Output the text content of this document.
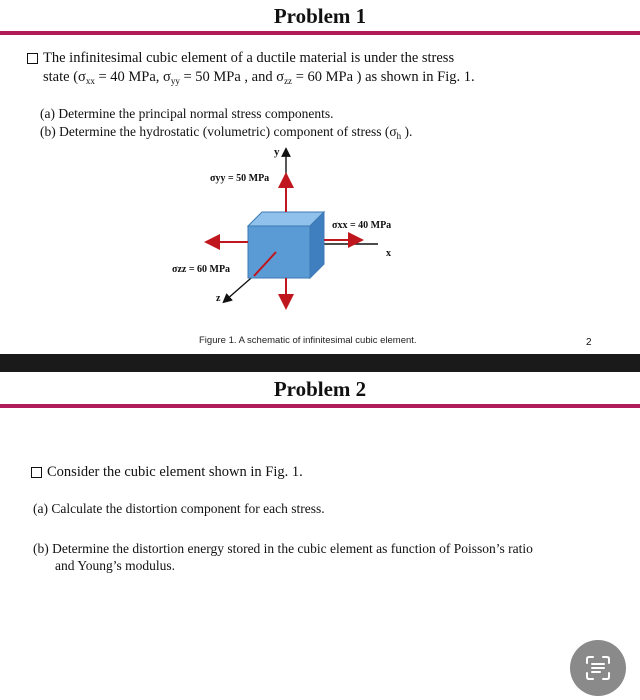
Problem 1
The infinitesimal cubic element of a ductile material is under the stress
state ($\sigma_{xx} = 40$ MPa, $\sigma_{yy} = 50$ MPa , and $\sigma_{zz} = 60$ MPa ) as shown in Fig. 1.
(a) Determine the principal normal stress components.
(b) Determine the hydrostatic (volumetric) component of stress ($\sigma_h$ ).
y
x
z
σyy = 50 MPa
σxx = 40 MPa
σzz = 60 MPa
Figure 1. A schematic of infinitesimal cubic element.	2
Problem 2
Consider the cubic element shown in Fig. 1.
(a) Calculate the distortion component for each stress.
(b) Determine the distortion energy stored in the cubic element as function of Poisson’s ratio
and Young’s modulus.
